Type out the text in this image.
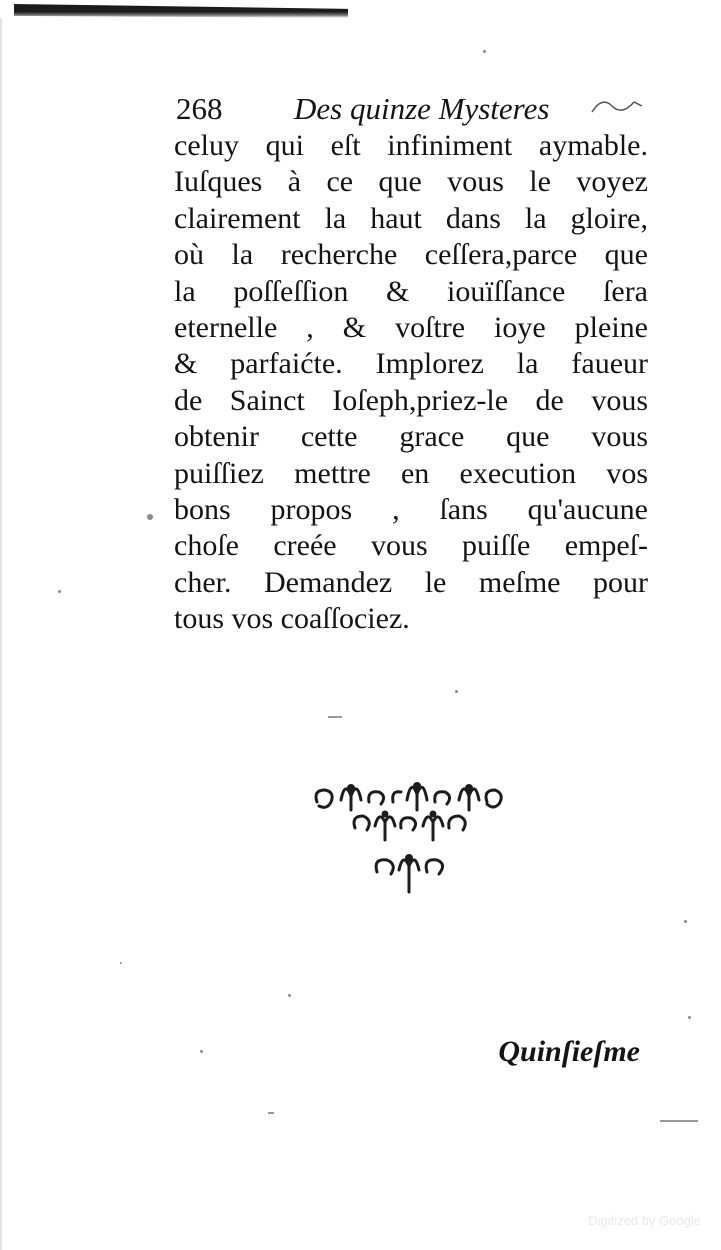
268 Des quinze Mysteres
celuy qui eſt infiniment aymable.
Iuſques à ce que vous le voyez
clairement la haut dans la gloire,
où la recherche ceſſera,parce que
la poſſeſſion & iouïſſance ſera
eternelle , & voſtre ioye pleine
& parfaićte. Implorez la faueur
de Sainct Ioſeph,priez-le de vous
obtenir cette grace que vous
puiſſiez mettre en execution vos
bons propos , ſans qu'aucune
choſe creée vous puiſſe empeſ-
cher. Demandez le meſme pour
tous vos coaſſociez.
Quinſieſme
Digitized by Google
